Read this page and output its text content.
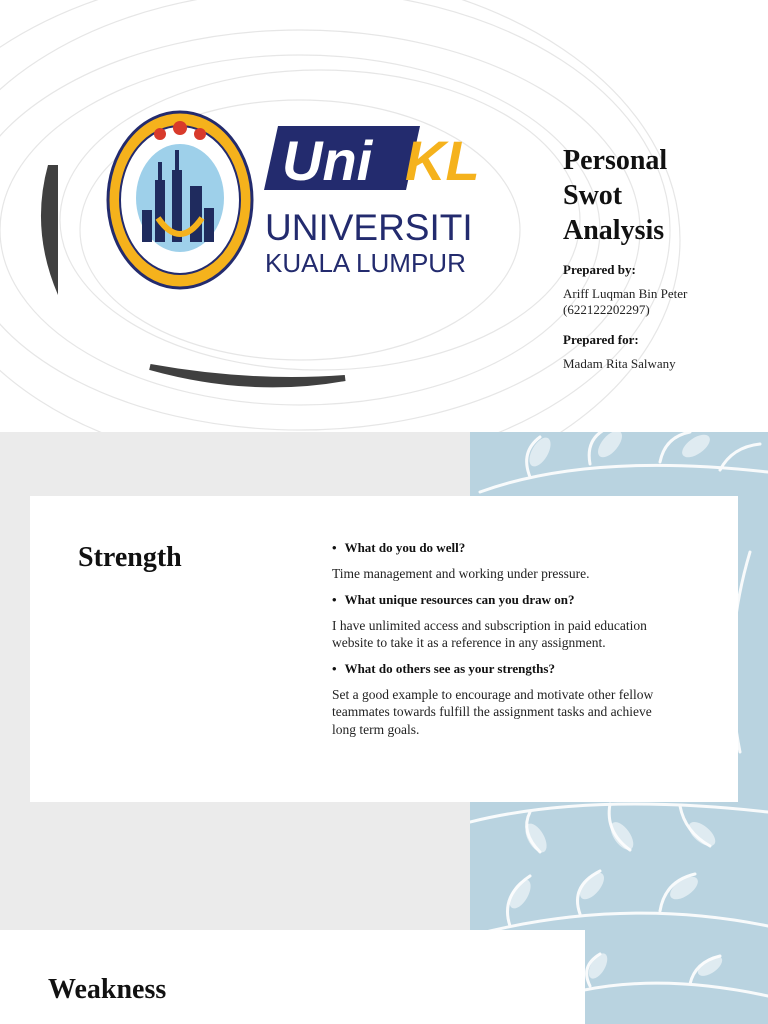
Uni KL
UNIVERSITI
KUALA LUMPUR
Personal
Swot
Analysis
Prepared by:
Ariff Luqman Bin Peter
(622122202297)
Prepared for:
Madam Rita Salwany
Strength	• What do you do well?

Time management and working under pressure.

• What unique resources can you draw on?

I have unlimited access and subscription in paid education website to take it as a reference in any assignment.

• What do others see as your strengths?

Set a good example to encourage and motivate other fellow teammates towards fulfill the assignment tasks and achieve long term goals.

Weakness
